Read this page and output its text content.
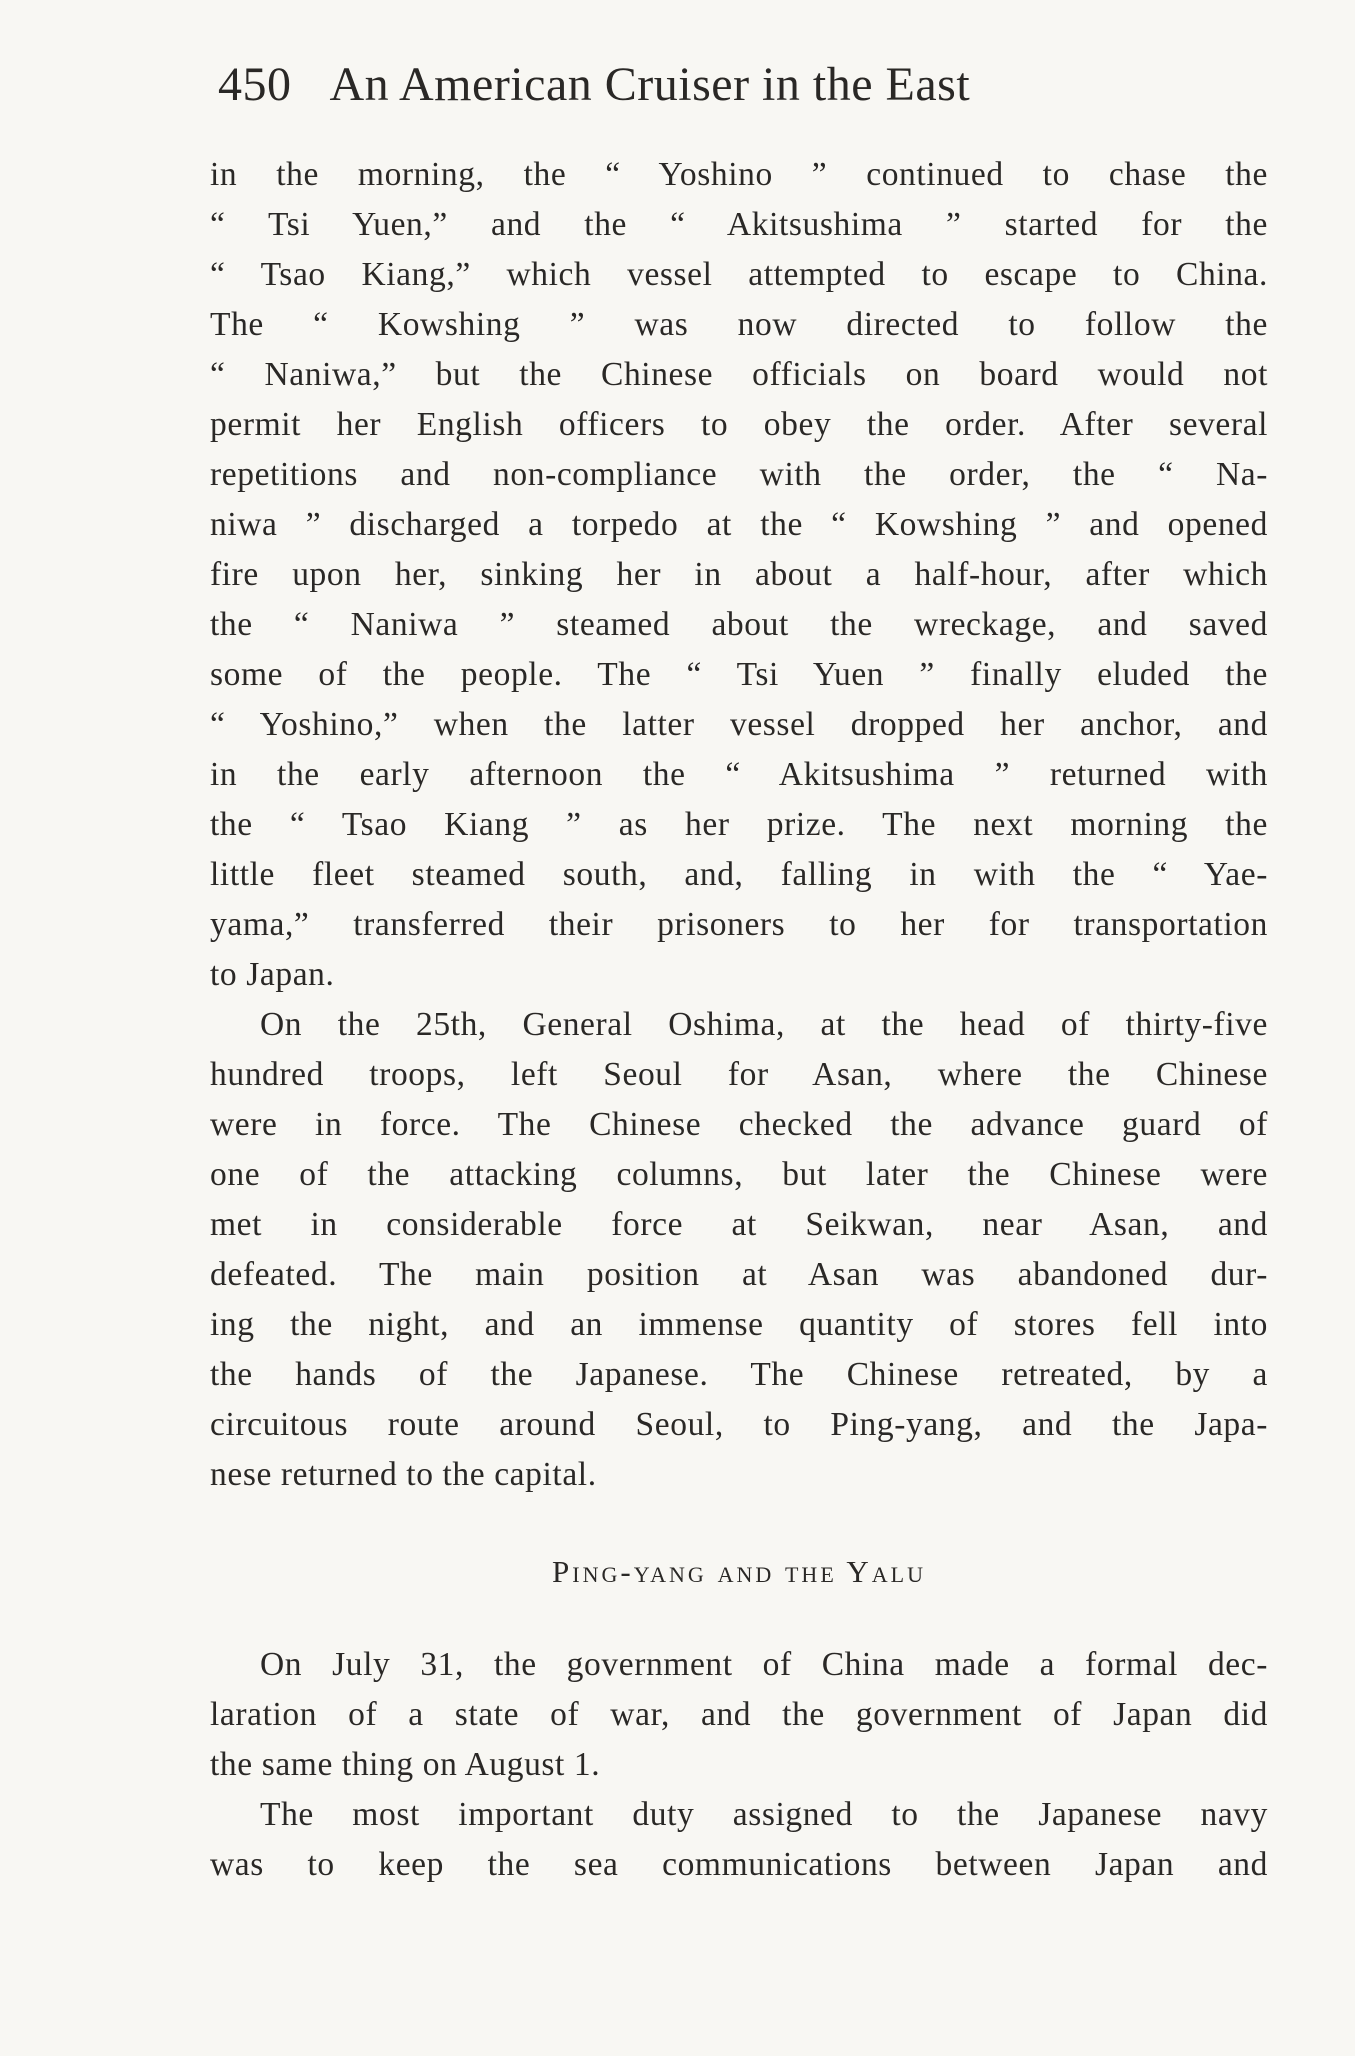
450 An American Cruiser in the East
in the morning, the “ Yoshino ” continued to chase the
“ Tsi Yuen,” and the “ Akitsushima ” started for the
“ Tsao Kiang,” which vessel attempted to escape to China.
The “ Kowshing ” was now directed to follow the
“ Naniwa,” but the Chinese officials on board would not
permit her English officers to obey the order. After several
repetitions and non-compliance with the order, the “ Na-
niwa ” discharged a torpedo at the “ Kowshing ” and opened
fire upon her, sinking her in about a half-hour, after which
the “ Naniwa ” steamed about the wreckage, and saved
some of the people. The “ Tsi Yuen ” finally eluded the
“ Yoshino,” when the latter vessel dropped her anchor, and
in the early afternoon the “ Akitsushima ” returned with
the “ Tsao Kiang ” as her prize. The next morning the
little fleet steamed south, and, falling in with the “ Yae-
yama,” transferred their prisoners to her for transportation
to Japan.
On the 25th, General Oshima, at the head of thirty-five
hundred troops, left Seoul for Asan, where the Chinese
were in force. The Chinese checked the advance guard of
one of the attacking columns, but later the Chinese were
met in considerable force at Seikwan, near Asan, and
defeated. The main position at Asan was abandoned dur-
ing the night, and an immense quantity of stores fell into
the hands of the Japanese. The Chinese retreated, by a
circuitous route around Seoul, to Ping-yang, and the Japa-
nese returned to the capital.
Ping-yang and the Yalu
On July 31, the government of China made a formal dec-
laration of a state of war, and the government of Japan did
the same thing on August 1.
The most important duty assigned to the Japanese navy
was to keep the sea communications between Japan and
